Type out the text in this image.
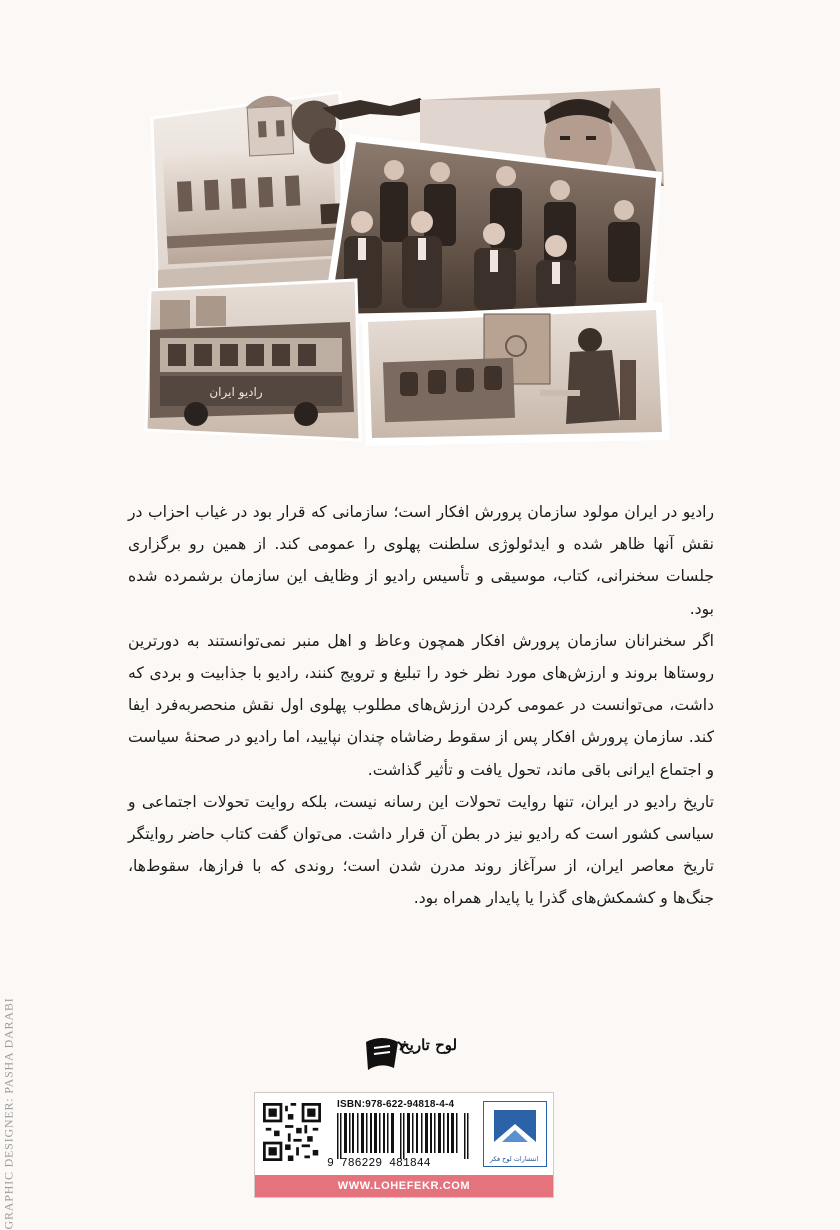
رادیو ایران

رادیو در ایران مولود سازمان پرورش افکار است؛ سازمانی که قرار بود در غیاب احزاب در نقش آنها ظاهر شده و ایدئولوژی سلطنت پهلوی را عمومی کند. از همین رو برگزاری جلسات سخنرانی، کتاب، موسیقی و تأسیس رادیو از وظایف این سازمان برشمرده شده بود.

اگر سخنرانان سازمان پرورش افکار همچون وعاظ و اهل منبر نمی‌توانستند به دورترین روستاها بروند و ارزش‌های مورد نظر خود را تبلیغ و ترویج کنند، رادیو با جذابیت و بردی که داشت، می‌توانست در عمومی کردن ارزش‌های مطلوب پهلوی اول نقش منحصربه‌فرد ایفا کند. سازمان پرورش افکار پس از سقوط رضاشاه چندان نپایید، اما رادیو در صحنهٔ سیاست و اجتماع ایرانی باقی ماند، تحول یافت و تأثیر گذاشت.

تاریخ رادیو در ایران، تنها روایت تحولات این رسانه نیست، بلکه روایت تحولات اجتماعی و سیاسی کشور است که رادیو نیز در بطن آن قرار داشت. می‌توان گفت کتاب حاضر روایتگر تاریخ معاصر ایران، از سرآغاز روند مدرن شدن است؛ روندی که با فرازها، سقوط‌ها، جنگ‌ها و کشمکش‌های گذرا یا پایدار همراه بود.

لوح تاریخ
ISBN:978-622-94818-4-4
9 786229 481844	انتشارات لوح فکر
WWW.LOHEFEKR.COM
GRAPHIC DESIGNER: PASHA DARABI
